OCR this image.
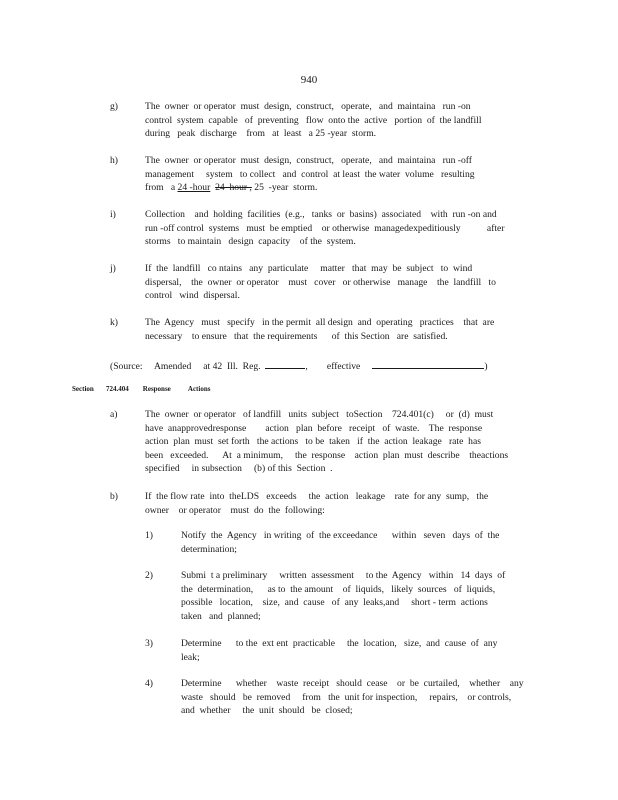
940
g)	The  owner  or operator  must  design,  construct,   operate,   and  maintaina   run -on
control  system  capable   of  preventing   flow  onto the  active   portion  of  the landfill
during   peak  discharge    from   at  least   a 25 -year  storm.
h)	The  owner  or operator  must  design,  construct,   operate,   and  maintaina   run -off
management     system   to collect   and  control  at least  the water  volume   resulting
from   a 24 -hour 24  hour , 25  -year  storm.
i)	Collection    and  holding  facilities  (e.g.,   tanks  or  basins)  associated    with  run -on and
run -off control  systems   must  be emptied    or otherwise  managedexpeditiously           after
storms   to maintain   design  capacity    of the  system.
j)	If  the  landfill   co ntains   any  particulate     matter   that  may  be  subject   to  wind
dispersal,    the  owner  or operator    must   cover   or otherwise   manage    the  landfill   to
control   wind  dispersal.
k)	The  Agency   must   specify   in the permit  all design  and  operating   practices    that  are
necessary    to ensure   that  the requirements      of  this Section   are  satisfied.
(Source:     Amended     at 42  Ill.  Reg.	,        effective	)
Section       724.404        Response          Actions
a)	The  owner  or operator   of landfill   units  subject   toSection    724.401(c)     or  (d)  must
have  anapprovedresponse        action   plan  before   receipt   of  waste.    The  response
action  plan  must  set forth   the actions   to be  taken   if  the  action  leakage   rate  has
been   exceeded.      At  a minimum,     the  response    action  plan  must  describe    theactions
specified     in subsection     (b) of this  Section  .
b)	If  the flow rate  into  theLDS   exceeds     the  action   leakage    rate  for any  sump,   the
owner    or operator    must  do  the  following:
1)	Notify  the  Agency   in writing  of  the exceedance      within   seven   days  of  the
determination;
2)	Submi  t a preliminary     written  assessment     to the  Agency   within   14  days  of
the  determination,      as to  the amount    of  liquids,   likely  sources   of  liquids,
possible   location,    size,  and  cause   of  any  leaks,and     short - term  actions
taken   and  planned;
3)	Determine      to the  ext ent  practicable     the  location,   size,  and  cause  of  any
leak;
4)	Determine      whether    waste  receipt   should  cease    or  be  curtailed,    whether    any
waste   should   be  removed     from   the  unit for inspection,     repairs,    or controls,
and  whether     the  unit  should   be  closed;
